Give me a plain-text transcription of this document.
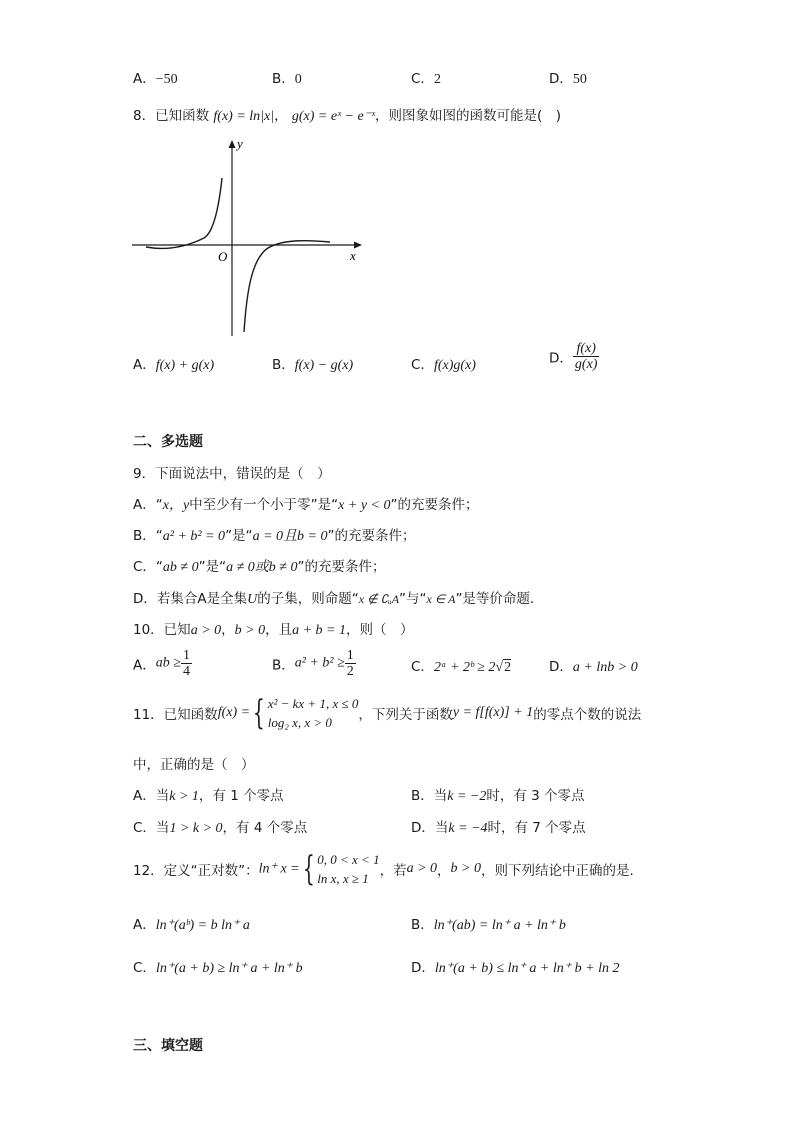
A．−50	B．0	C．2	D．50
8．已知函数 f(x) = ln|x|， g(x) = eˣ − e⁻ˣ，则图象如图的函数可能是(　)
y
x
O
A．f(x) + g(x)	B．f(x) − g(x)	C．f(x)g(x)	D． $\frac{f(x)}{g(x)}$
二、多选题
9．下面说法中，错误的是（　）
A．“x，y中至少有一个小于零”是“x + y < 0”的充要条件；
B．“a² + b² = 0”是“a = 0且b = 0”的充要条件；
C．“ab ≠ 0”是“a ≠ 0或b ≠ 0”的充要条件；
D．若集合A是全集U的子集，则命题“x ∉ ∁ᵤA”与“x ∈ A”是等价命题.
10．已知a > 0，b > 0，且a + b = 1，则（　）
A．ab ≥ $\frac{1}{4}$	B．$a^2 + b^2 \ge \frac{1}{2}$	C．2ᵃ + 2ᵇ ≥ 2√2	D．a + lnb > 0
11．已知函数f(x) ={ x² − kx + 1, x ≤ 0
log₂ x, x > 0	，下列关于函数y = f[f(x)] + 1的零点个数的说法
中，正确的是（　）
A．当k > 1，有 1 个零点	B．当k = −2时，有 3 个零点
C．当1 > k > 0，有 4 个零点	D．当k = −4时，有 7 个零点
12．定义“正对数”：ln⁺ x ={ 0, 0 < x < 1
ln x, x ≥ 1 ，若a > 0，b > 0，则下列结论中正确的是.
A．ln⁺(aᵇ) = b ln⁺ a	B．ln⁺(ab) = ln⁺ a + ln⁺ b
C．ln⁺(a + b) ≥ ln⁺ a + ln⁺ b	D．ln⁺(a + b) ≤ ln⁺ a + ln⁺ b + ln 2
三、填空题
